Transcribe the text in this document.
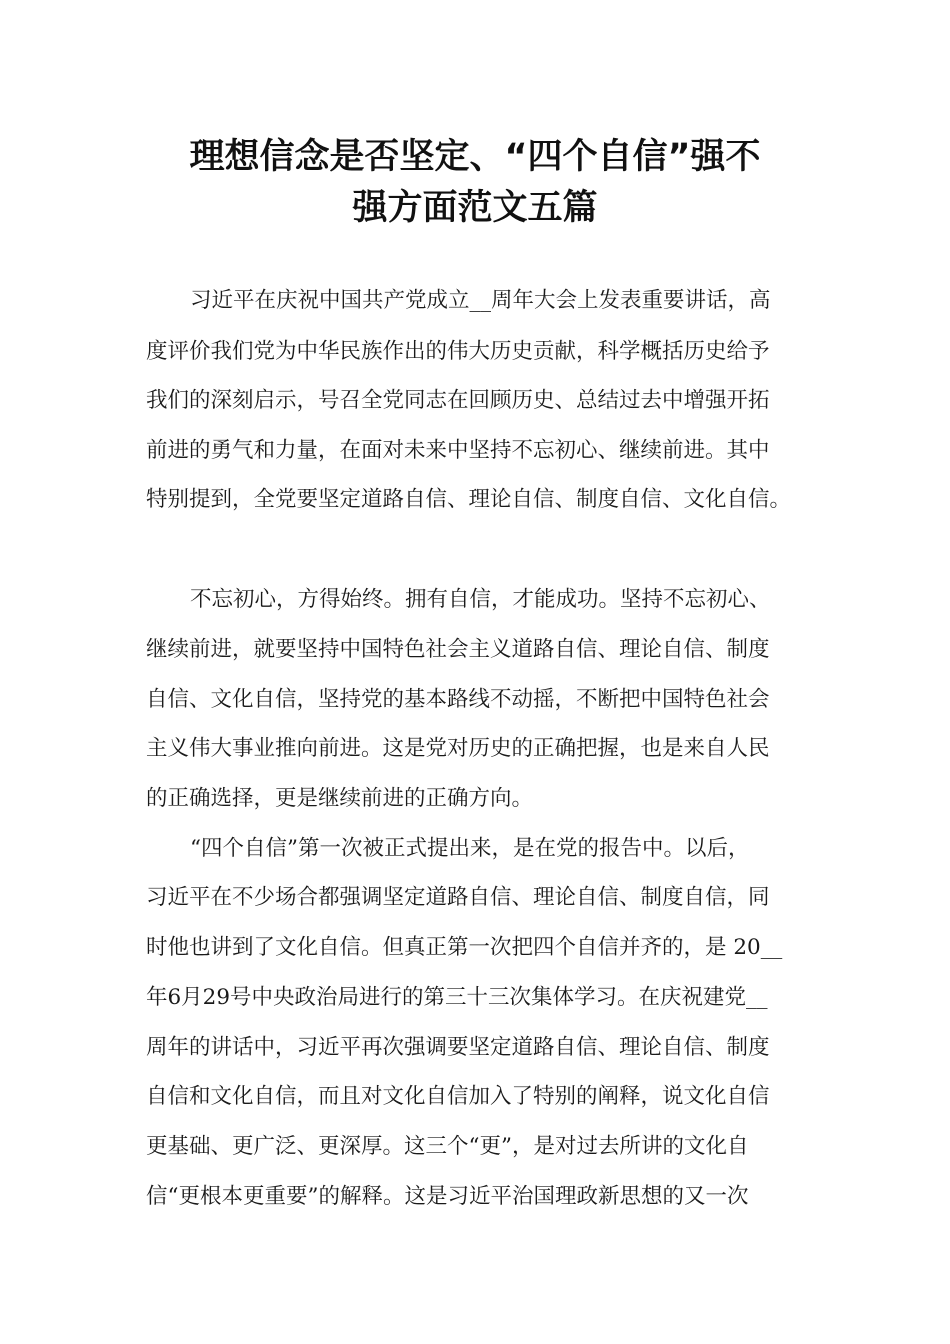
理想信念是否坚定、“四个自信”强不
强方面范文五篇

习近平在庆祝中国共产党成立__周年大会上发表重要讲话，高

度评价我们党为中华民族作出的伟大历史贡献，科学概括历史给予

我们的深刻启示，号召全党同志在回顾历史、总结过去中增强开拓

前进的勇气和力量，在面对未来中坚持不忘初心、继续前进。其中

特别提到，全党要坚定道路自信、理论自信、制度自信、文化自信。

不忘初心，方得始终。拥有自信，才能成功。坚持不忘初心、

继续前进，就要坚持中国特色社会主义道路自信、理论自信、制度

自信、文化自信，坚持党的基本路线不动摇，不断把中国特色社会

主义伟大事业推向前进。这是党对历史的正确把握，也是来自人民

的正确选择，更是继续前进的正确方向。

“四个自信”第一次被正式提出来，是在党的报告中。以后，

习近平在不少场合都强调坚定道路自信、理论自信、制度自信，同

时他也讲到了文化自信。但真正第一次把四个自信并齐的，是 20__

年6月29号中央政治局进行的第三十三次集体学习。在庆祝建党__

周年的讲话中，习近平再次强调要坚定道路自信、理论自信、制度

自信和文化自信，而且对文化自信加入了特别的阐释，说文化自信

更基础、更广泛、更深厚。这三个“更”，是对过去所讲的文化自

信“更根本更重要”的解释。这是习近平治国理政新思想的又一次
